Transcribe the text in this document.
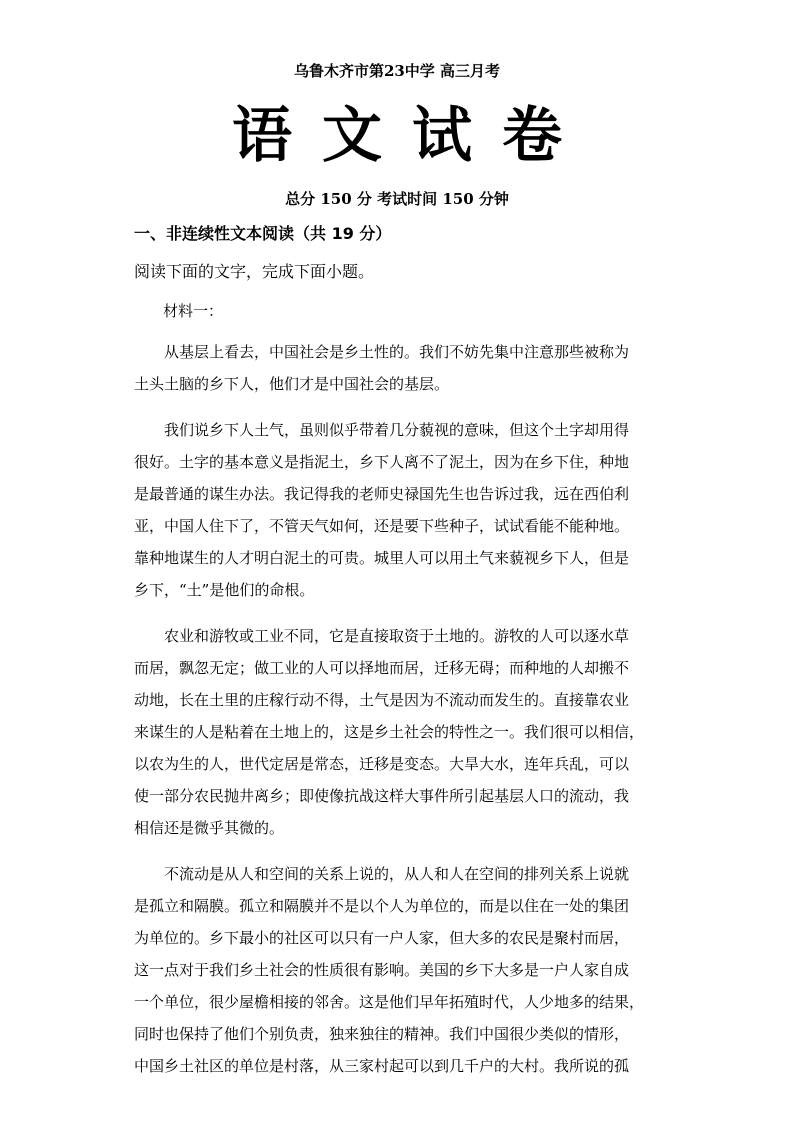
乌鲁木齐市第23中学 高三月考
语文试卷
总分 150 分 考试时间 150 分钟
一、非连续性文本阅读（共 19 分）
阅读下面的文字，完成下面小题。
材料一：
从基层上看去，中国社会是乡土性的。我们不妨先集中注意那些被称为
土头土脑的乡下人，他们才是中国社会的基层。
我们说乡下人土气，虽则似乎带着几分藐视的意味，但这个土字却用得
很好。土字的基本意义是指泥土，乡下人离不了泥土，因为在乡下住，种地
是最普通的谋生办法。我记得我的老师史禄国先生也告诉过我，远在西伯利
亚，中国人住下了，不管天气如何，还是要下些种子，试试看能不能种地。
靠种地谋生的人才明白泥土的可贵。城里人可以用土气来藐视乡下人，但是
乡下，“土”是他们的命根。
农业和游牧或工业不同，它是直接取资于土地的。游牧的人可以逐水草
而居，飘忽无定；做工业的人可以择地而居，迁移无碍；而种地的人却搬不
动地，长在土里的庄稼行动不得，土气是因为不流动而发生的。直接靠农业
来谋生的人是粘着在土地上的，这是乡土社会的特性之一。我们很可以相信，
以农为生的人，世代定居是常态，迁移是变态。大旱大水，连年兵乱，可以
使一部分农民抛井离乡；即使像抗战这样大事件所引起基层人口的流动，我
相信还是微乎其微的。
不流动是从人和空间的关系上说的，从人和人在空间的排列关系上说就
是孤立和隔膜。孤立和隔膜并不是以个人为单位的，而是以住在一处的集团
为单位的。乡下最小的社区可以只有一户人家，但大多的农民是聚村而居，
这一点对于我们乡土社会的性质很有影响。美国的乡下大多是一户人家自成
一个单位，很少屋檐相接的邻舍。这是他们早年拓殖时代，人少地多的结果，
同时也保持了他们个别负责，独来独往的精神。我们中国很少类似的情形，
中国乡土社区的单位是村落，从三家村起可以到几千户的大村。我所说的孤
